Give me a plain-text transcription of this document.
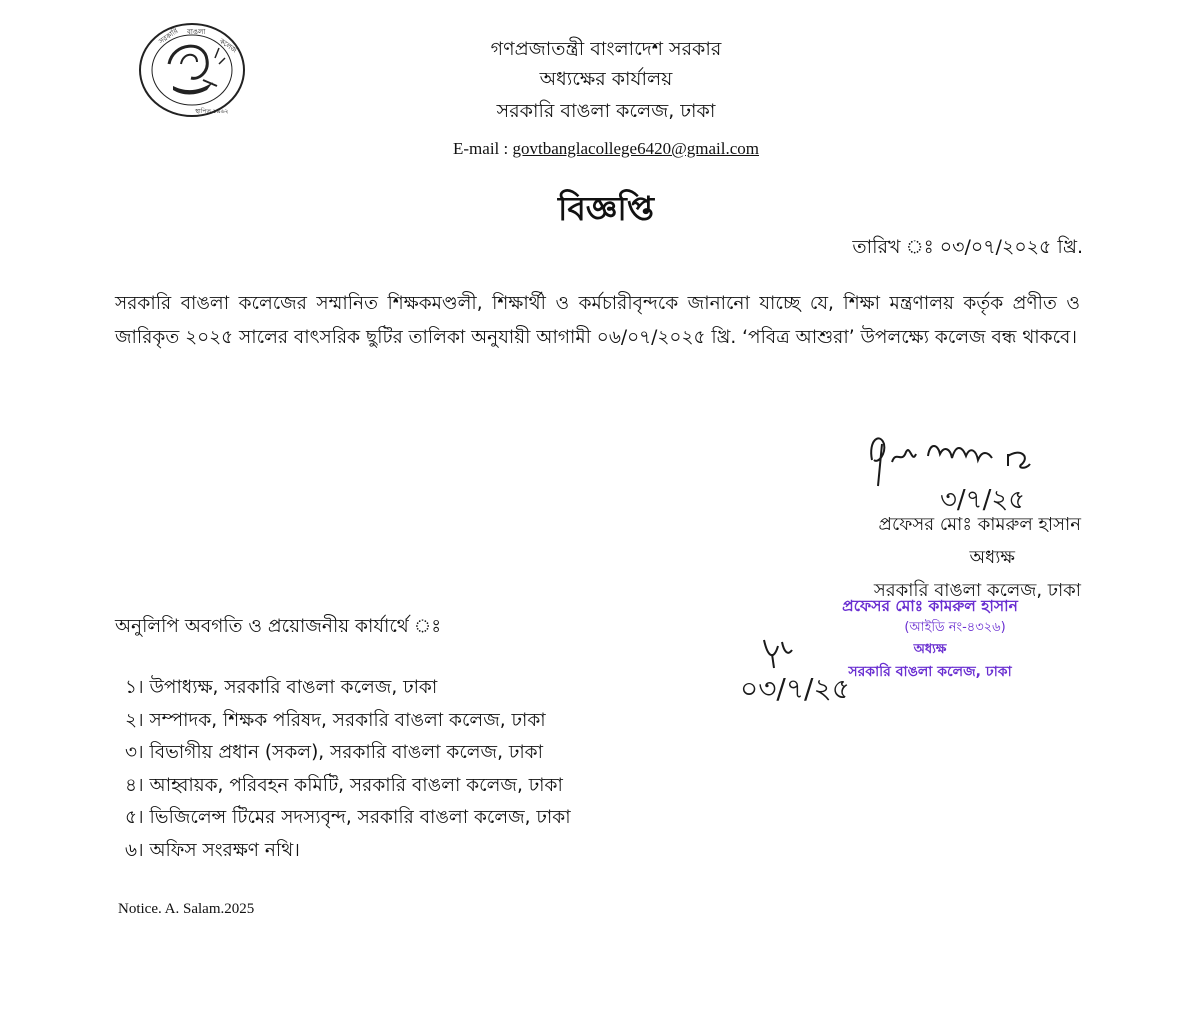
সরকারি বাঙলা
কলেজ
স্থাপিত ১৯৬২
গণপ্রজাতন্ত্রী বাংলাদেশ সরকার
অধ্যক্ষের কার্যালয়
সরকারি বাঙলা কলেজ, ঢাকা
E-mail : govtbanglacollege6420@gmail.com
বিজ্ঞপ্তি
তারিখ ঃ ০৩/০৭/২০২৫ খ্রি.
সরকারি বাঙলা কলেজের সম্মানিত শিক্ষকমণ্ডলী, শিক্ষার্থী ও কর্মচারীবৃন্দকে জানানো যাচ্ছে যে, শিক্ষা মন্ত্রণালয় কর্তৃক প্রণীত ও জারিকৃত ২০২৫ সালের বাৎসরিক ছুটির তালিকা অনুযায়ী আগামী ০৬/০৭/২০২৫ খ্রি. ‘পবিত্র আশুরা’ উপলক্ষ্যে কলেজ বন্ধ থাকবে।
৩/৭/২৫
প্রফেসর মোঃ কামরুল হাসান
অধ্যক্ষ
সরকারি বাঙলা কলেজ, ঢাকা
প্রফেসর মোঃ কামরুল হাসান
(আইডি নং-৪৩২৬)
অধ্যক্ষ
সরকারি বাঙলা কলেজ, ঢাকা
০৩/৭/২৫
অনুলিপি অবগতি ও প্রয়োজনীয় কার্যার্থে ঃ
১। উপাধ্যক্ষ, সরকারি বাঙলা কলেজ, ঢাকা
২। সম্পাদক, শিক্ষক পরিষদ, সরকারি বাঙলা কলেজ, ঢাকা
৩। বিভাগীয় প্রধান (সকল), সরকারি বাঙলা কলেজ, ঢাকা
৪। আহ্বায়ক, পরিবহন কমিটি, সরকারি বাঙলা কলেজ, ঢাকা
৫। ভিজিলেন্স টিমের সদস্যবৃন্দ, সরকারি বাঙলা কলেজ, ঢাকা
৬। অফিস সংরক্ষণ নথি।
Notice. A. Salam.2025
